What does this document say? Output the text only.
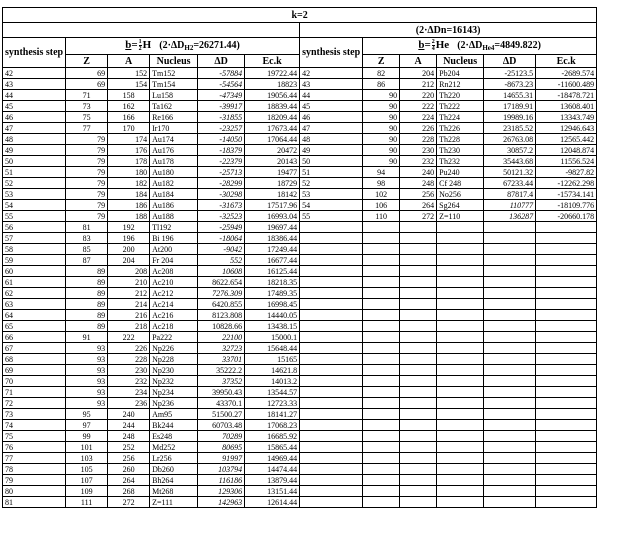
k=2											
						(2·ΔDn=16143)					
synthesis step	$b= \frac{1}{2}$ H $(2\cdot\Delta D_{H2}=26271.44)$					synthesis step	$b= \frac{2}{4}$ He $(2\cdot\Delta D_{He4}=4849.822)$				
	Z	A	Nucleus	ΔD	Ec.k		Z	A	Nucleus	ΔD	Ec.k
42	69	152	Tm152	-57884	19722.44	42	82	204	Pb204	-25123.5	-2689.574
43	69	154	Tm154	-54564	18823	43	86	212	Rn212	-8673.23	-11600.489
44	71	158	Lu158	-47349	19056.44	44	90	220	Th220	14655.31	-18478.721
45	73	162	Ta162	-39917	18839.44	45	90	222	Th222	17189.91	13608.401
46	75	166	Re166	-31855	18209.44	46	90	224	Th224	19989.16	13343.749
47	77	170	Ir170	-23257	17673.44	47	90	226	Th226	23185.52	12946.643
48	79	174	Au174	-14050	17064.44	48	90	228	Th228	26763.08	12565.442
49	79	176	Au176	-18379	20472	49	90	230	Th230	30857.2	12048.874
50	79	178	Au178	-22379	20143	50	90	232	Th232	35443.68	11556.524
51	79	180	Au180	-25713	19477	51	94	240	Pu240	50121.32	-9827.82
52	79	182	Au182	-28299	18729	52	98	248	Cf 248	67233.44	-12262.298
53	79	184	Au184	-30298	18142	53	102	256	No256	87817.4	-15734.141
54	79	186	Au186	-31673	17517.96	54	106	264	Sg264	110777	-18109.776
55	79	188	Au188	-32523	16993.04	55	110	272	Z=110	136287	-20660.178
56	81	192	Tl192	-25949	19697.44						
57	83	196	Bi 196	-18064	18386.44						
58	85	200	At200	-9042	17249.44						
59	87	204	Fr 204	552	16677.44						
60	89	208	Ac208	10608	16125.44						
61	89	210	Ac210	8622.654	18218.35						
62	89	212	Ac212	7276.309	17489.35						
63	89	214	Ac214	6420.855	16998.45						
64	89	216	Ac216	8123.808	14440.05						
65	89	218	Ac218	10828.66	13438.15						
66	91	222	Pa222	22100	15000.1						
67	93	226	Np226	32723	15648.44						
68	93	228	Np228	33701	15165						
69	93	230	Np230	35222.2	14621.8						
70	93	232	Np232	37352	14013.2						
71	93	234	Np234	39950.43	13544.57						
72	93	236	Np236	43370.1	12723.33						
73	95	240	Am95	51500.27	18141.27						
74	97	244	Bk244	60703.48	17068.23						
75	99	248	Es248	70289	16685.92						
76	101	252	Md252	80695	15865.44						
77	103	256	Lr256	91997	14969.44						
78	105	260	Db260	103794	14474.44						
79	107	264	Bh264	116186	13879.44						
80	109	268	Mt268	129306	13151.44						
81	111	272	Z=111	142963	12614.44						
